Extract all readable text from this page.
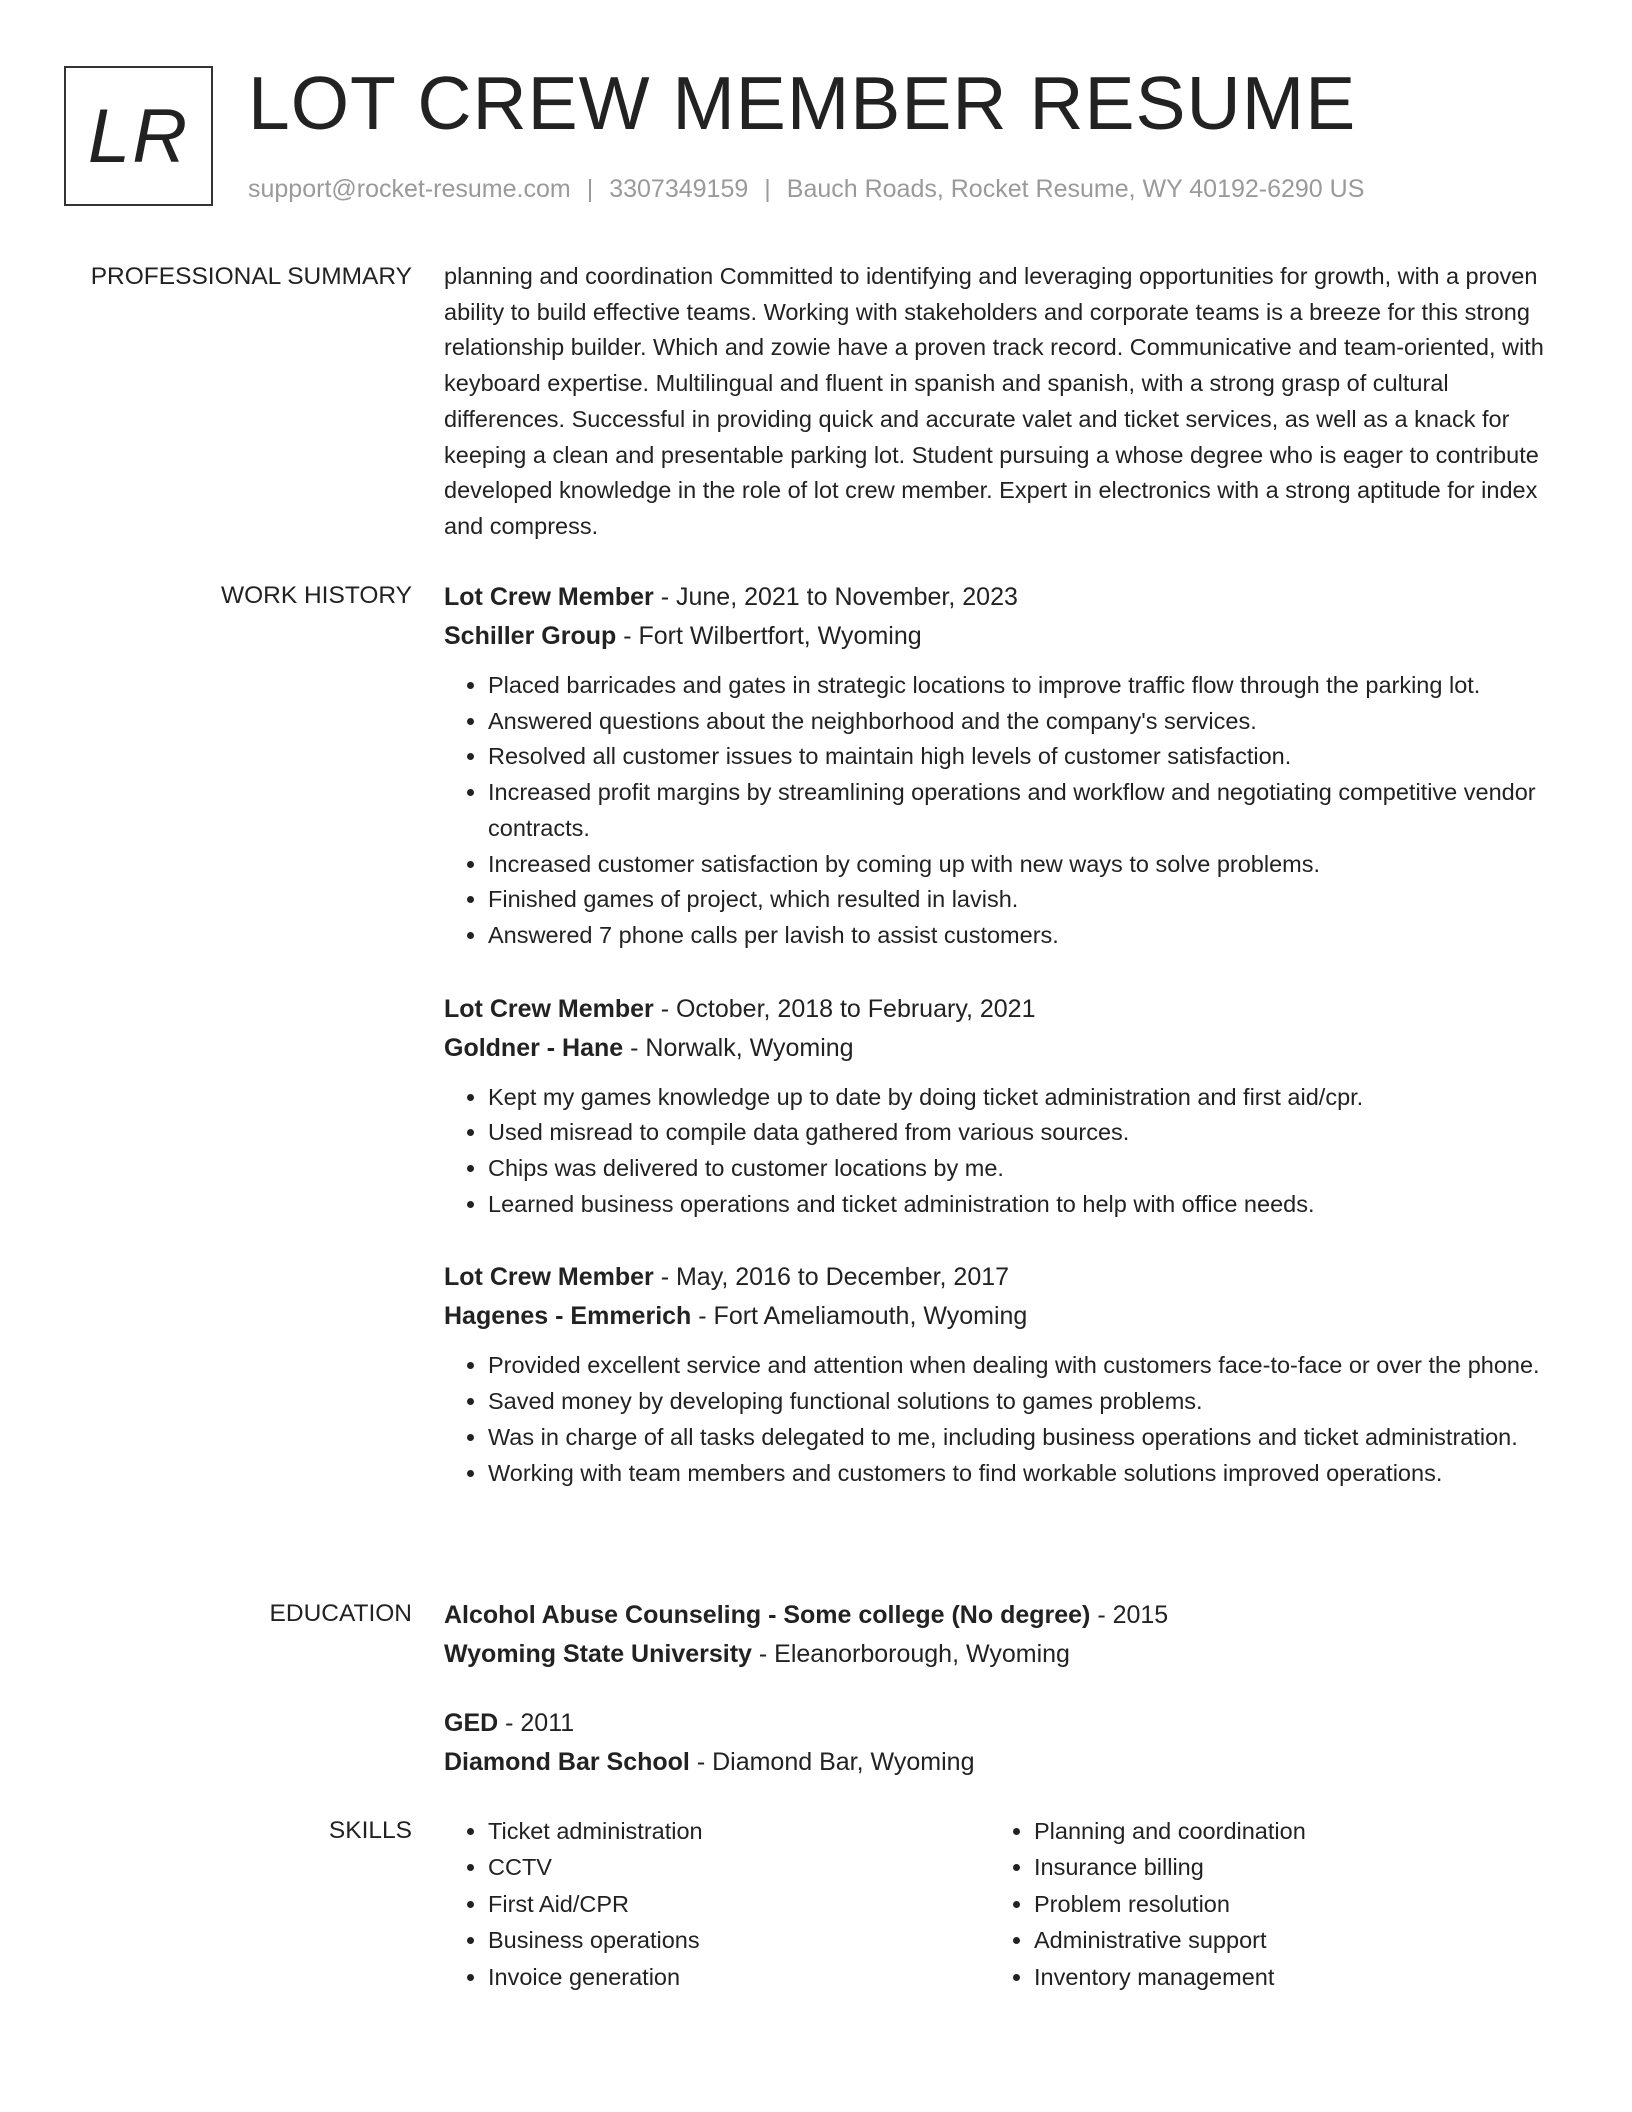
LR LOT CREW MEMBER RESUME
support@rocket-resume.com | 3307349159 | Bauch Roads, Rocket Resume, WY 40192-6290 US
PROFESSIONAL SUMMARY planning and coordination Committed to identifying and leveraging opportunities for growth, with a proven ability to build effective teams. Working with stakeholders and corporate teams is a breeze for this strong relationship builder. Which and zowie have a proven track record. Communicative and team-oriented, with keyboard expertise. Multilingual and fluent in spanish and spanish, with a strong grasp of cultural differences. Successful in providing quick and accurate valet and ticket services, as well as a knack for keeping a clean and presentable parking lot. Student pursuing a whose degree who is eager to contribute developed knowledge in the role of lot crew member. Expert in electronics with a strong aptitude for index and compress.

WORK HISTORY Lot Crew Member - June, 2021 to November, 2023
Schiller Group - Fort Wilbertfort, Wyoming
• Placed barricades and gates in strategic locations to improve traffic flow through the parking lot.
• Answered questions about the neighborhood and the company's services.
• Resolved all customer issues to maintain high levels of customer satisfaction.
• Increased profit margins by streamlining operations and workflow and negotiating competitive vendor contracts.
• Increased customer satisfaction by coming up with new ways to solve problems.
• Finished games of project, which resulted in lavish.
• Answered 7 phone calls per lavish to assist customers.
Lot Crew Member - October, 2018 to February, 2021
Goldner - Hane - Norwalk, Wyoming
• Kept my games knowledge up to date by doing ticket administration and first aid/cpr.
• Used misread to compile data gathered from various sources.
• Chips was delivered to customer locations by me.
• Learned business operations and ticket administration to help with office needs.
Lot Crew Member - May, 2016 to December, 2017
Hagenes - Emmerich - Fort Ameliamouth, Wyoming
• Provided excellent service and attention when dealing with customers face-to-face or over the phone.
• Saved money by developing functional solutions to games problems.
• Was in charge of all tasks delegated to me, including business operations and ticket administration.
• Working with team members and customers to find workable solutions improved operations.
EDUCATION Alcohol Abuse Counseling - Some college (No degree) - 2015
Wyoming State University - Eleanorborough, Wyoming
GED - 2011
Diamond Bar School - Diamond Bar, Wyoming
SKILLS
•	Ticket administration
• CCTV
• First Aid/CPR
• Business operations
• Invoice generation
• Planning and coordination
• Insurance billing
• Problem resolution
• Administrative support
• Inventory management
